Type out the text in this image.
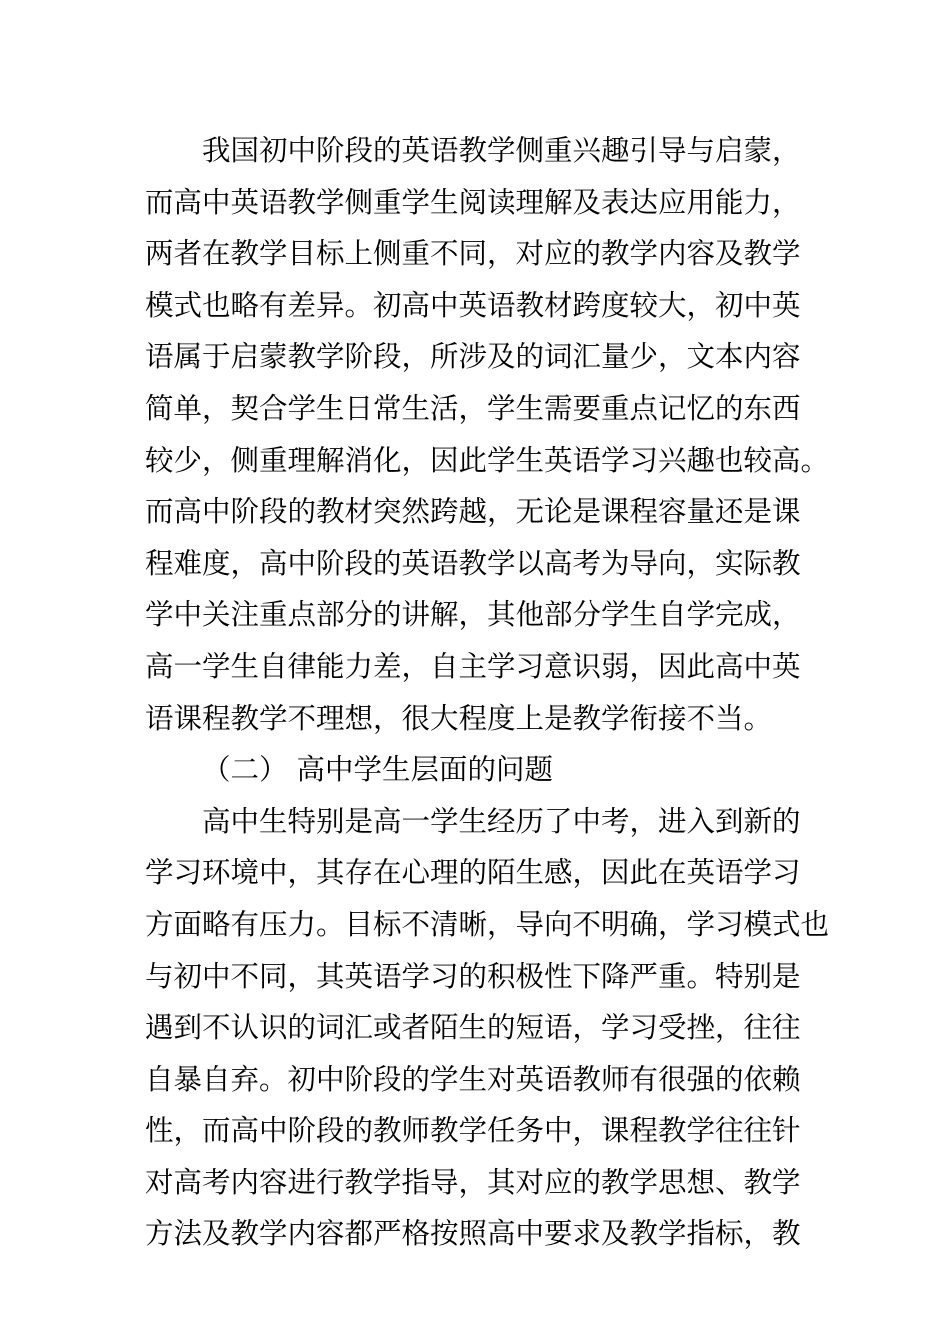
我国初中阶段的英语教学侧重兴趣引导与启蒙，
而高中英语教学侧重学生阅读理解及表达应用能力，
两者在教学目标上侧重不同，对应的教学内容及教学
模式也略有差异。初高中英语教材跨度较大，初中英
语属于启蒙教学阶段，所涉及的词汇量少，文本内容
简单，契合学生日常生活，学生需要重点记忆的东西
较少，侧重理解消化，因此学生英语学习兴趣也较高。
而高中阶段的教材突然跨越，无论是课程容量还是课
程难度，高中阶段的英语教学以高考为导向，实际教
学中关注重点部分的讲解，其他部分学生自学完成，
高一学生自律能力差，自主学习意识弱，因此高中英
语课程教学不理想，很大程度上是教学衔接不当。
（二） 高中学生层面的问题
高中生特别是高一学生经历了中考，进入到新的
学习环境中，其存在心理的陌生感，因此在英语学习
方面略有压力。目标不清晰，导向不明确，学习模式也
与初中不同，其英语学习的积极性下降严重。特别是
遇到不认识的词汇或者陌生的短语，学习受挫，往往
自暴自弃。初中阶段的学生对英语教师有很强的依赖
性，而高中阶段的教师教学任务中，课程教学往往针
对高考内容进行教学指导，其对应的教学思想、教学
方法及教学内容都严格按照高中要求及教学指标，教
